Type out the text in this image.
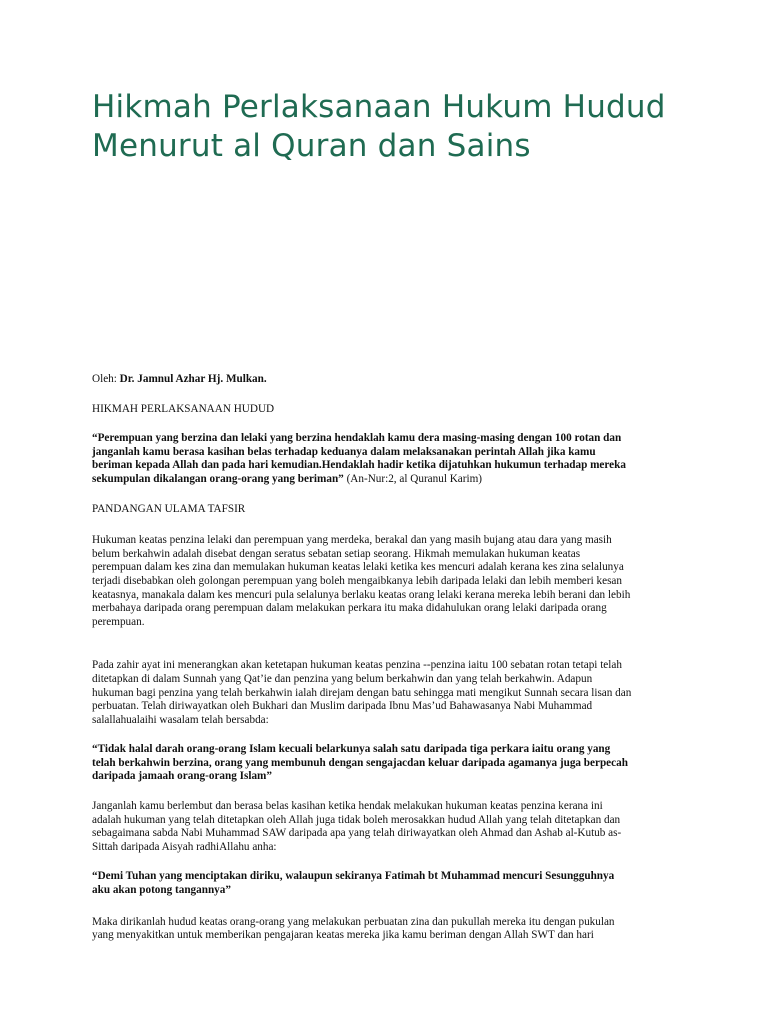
Hikmah Perlaksanaan Hukum Hudud Menurut al Quran dan Sains

Oleh: Dr. Jamnul Azhar Hj. Mulkan.

HIKMAH PERLAKSANAAN HUDUD

“Perempuan yang berzina dan lelaki yang berzina hendaklah kamu dera masing-masing dengan 100 rotan dan janganlah kamu berasa kasihan belas terhadap keduanya dalam melaksanakan perintah Allah jika kamu beriman kepada Allah dan pada hari kemudian.Hendaklah hadir ketika dijatuhkan hukumun terhadap mereka sekumpulan dikalangan orang-orang yang beriman” (An-Nur:2, al Quranul Karim)

PANDANGAN ULAMA TAFSIR

Hukuman keatas penzina lelaki dan perempuan yang merdeka, berakal dan yang masih bujang atau dara yang masih belum berkahwin adalah disebat dengan seratus sebatan setiap seorang. Hikmah memulakan hukuman keatas perempuan dalam kes zina dan memulakan hukuman keatas lelaki ketika kes mencuri adalah kerana kes zina selalunya terjadi disebabkan oleh golongan perempuan yang boleh mengaibkanya lebih daripada lelaki dan lebih memberi kesan keatasnya, manakala dalam kes mencuri pula selalunya berlaku keatas orang lelaki kerana mereka lebih berani dan lebih merbahaya daripada orang perempuan dalam melakukan perkara itu maka didahulukan orang lelaki daripada orang perempuan.

Pada zahir ayat ini menerangkan akan ketetapan hukuman keatas penzina --penzina iaitu 100 sebatan rotan tetapi telah ditetapkan di dalam Sunnah yang Qat’ie dan penzina yang belum berkahwin dan yang telah berkahwin. Adapun hukuman bagi penzina yang telah berkahwin ialah direjam dengan batu sehingga mati mengikut Sunnah secara lisan dan perbuatan. Telah diriwayatkan oleh Bukhari dan Muslim daripada Ibnu Mas’ud Bahawasanya Nabi Muhammad salallahualaihi wasalam telah bersabda:

“Tidak halal darah orang-orang Islam kecuali belarkunya salah satu daripada tiga perkara iaitu orang yang telah berkahwin berzina, orang yang membunuh dengan sengajacdan keluar daripada agamanya juga berpecah daripada jamaah orang-orang Islam”

Janganlah kamu berlembut dan berasa belas kasihan ketika hendak melakukan hukuman keatas penzina kerana ini adalah hukuman yang telah ditetapkan oleh Allah juga tidak boleh merosakkan hudud Allah yang telah ditetapkan dan sebagaimana sabda Nabi Muhammad SAW daripada apa yang telah diriwayatkan oleh Ahmad dan Ashab al-Kutub as-Sittah daripada Aisyah radhiAllahu anha:

“Demi Tuhan yang menciptakan diriku, walaupun sekiranya Fatimah bt Muhammad mencuri Sesungguhnya aku akan potong tangannya”

Maka dirikanlah hudud keatas orang-orang yang melakukan perbuatan zina dan pukullah mereka itu dengan pukulan yang menyakitkan untuk memberikan pengajaran keatas mereka jika kamu beriman dengan Allah SWT dan hari
